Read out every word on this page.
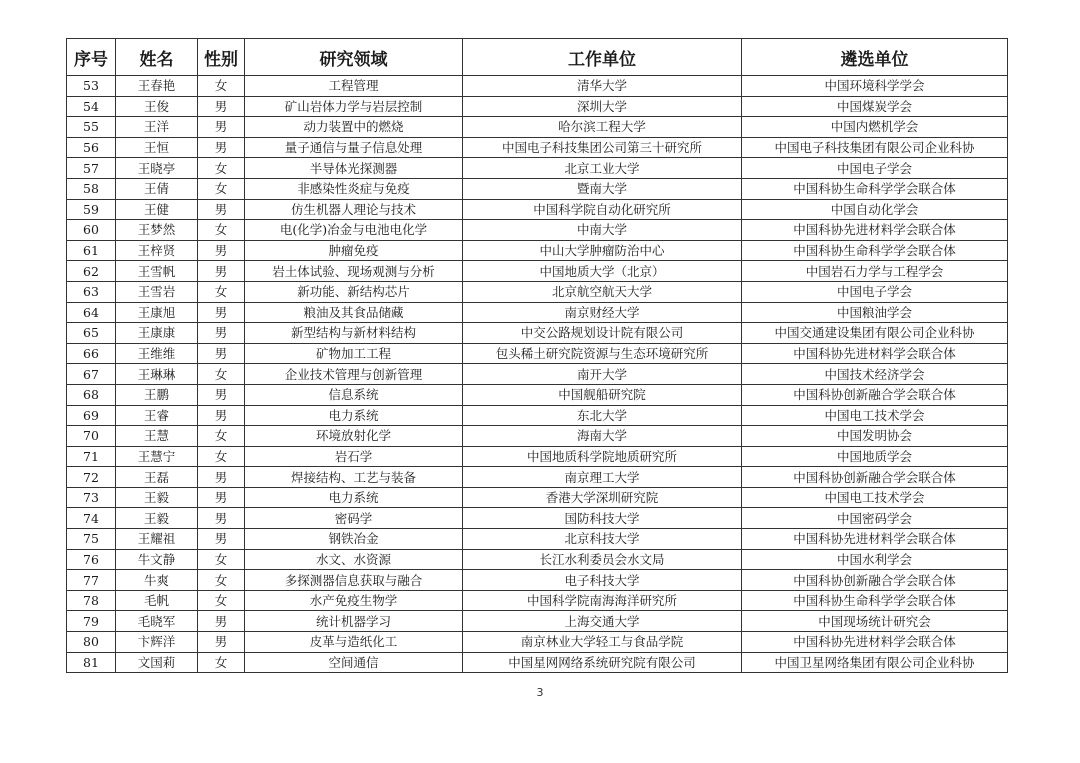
序号	姓名	性别	研究领域	工作单位	遴选单位
53	王春艳	女	工程管理	清华大学	中国环境科学学会
54	王俊	男	矿山岩体力学与岩层控制	深圳大学	中国煤炭学会
55	王洋	男	动力装置中的燃烧	哈尔滨工程大学	中国内燃机学会
56	王恒	男	量子通信与量子信息处理	中国电子科技集团公司第三十研究所	中国电子科技集团有限公司企业科协
57	王晓亭	女	半导体光探测器	北京工业大学	中国电子学会
58	王倩	女	非感染性炎症与免疫	暨南大学	中国科协生命科学学会联合体
59	王健	男	仿生机器人理论与技术	中国科学院自动化研究所	中国自动化学会
60	王梦然	女	电(化学)冶金与电池电化学	中南大学	中国科协先进材料学会联合体
61	王梓贤	男	肿瘤免疫	中山大学肿瘤防治中心	中国科协生命科学学会联合体
62	王雪帆	男	岩土体试验、现场观测与分析	中国地质大学（北京）	中国岩石力学与工程学会
63	王雪岩	女	新功能、新结构芯片	北京航空航天大学	中国电子学会
64	王康旭	男	粮油及其食品储藏	南京财经大学	中国粮油学会
65	王康康	男	新型结构与新材料结构	中交公路规划设计院有限公司	中国交通建设集团有限公司企业科协
66	王维维	男	矿物加工工程	包头稀土研究院资源与生态环境研究所	中国科协先进材料学会联合体
67	王琳琳	女	企业技术管理与创新管理	南开大学	中国技术经济学会
68	王鹏	男	信息系统	中国舰船研究院	中国科协创新融合学会联合体
69	王睿	男	电力系统	东北大学	中国电工技术学会
70	王慧	女	环境放射化学	海南大学	中国发明协会
71	王慧宁	女	岩石学	中国地质科学院地质研究所	中国地质学会
72	王磊	男	焊接结构、工艺与装备	南京理工大学	中国科协创新融合学会联合体
73	王毅	男	电力系统	香港大学深圳研究院	中国电工技术学会
74	王毅	男	密码学	国防科技大学	中国密码学会
75	王耀祖	男	钢铁冶金	北京科技大学	中国科协先进材料学会联合体
76	牛文静	女	水文、水资源	长江水利委员会水文局	中国水利学会
77	牛爽	女	多探测器信息获取与融合	电子科技大学	中国科协创新融合学会联合体
78	毛帆	女	水产免疫生物学	中国科学院南海海洋研究所	中国科协生命科学学会联合体
79	毛晓军	男	统计机器学习	上海交通大学	中国现场统计研究会
80	卞辉洋	男	皮革与造纸化工	南京林业大学轻工与食品学院	中国科协先进材料学会联合体
81	文国莉	女	空间通信	中国星网网络系统研究院有限公司	中国卫星网络集团有限公司企业科协
3
